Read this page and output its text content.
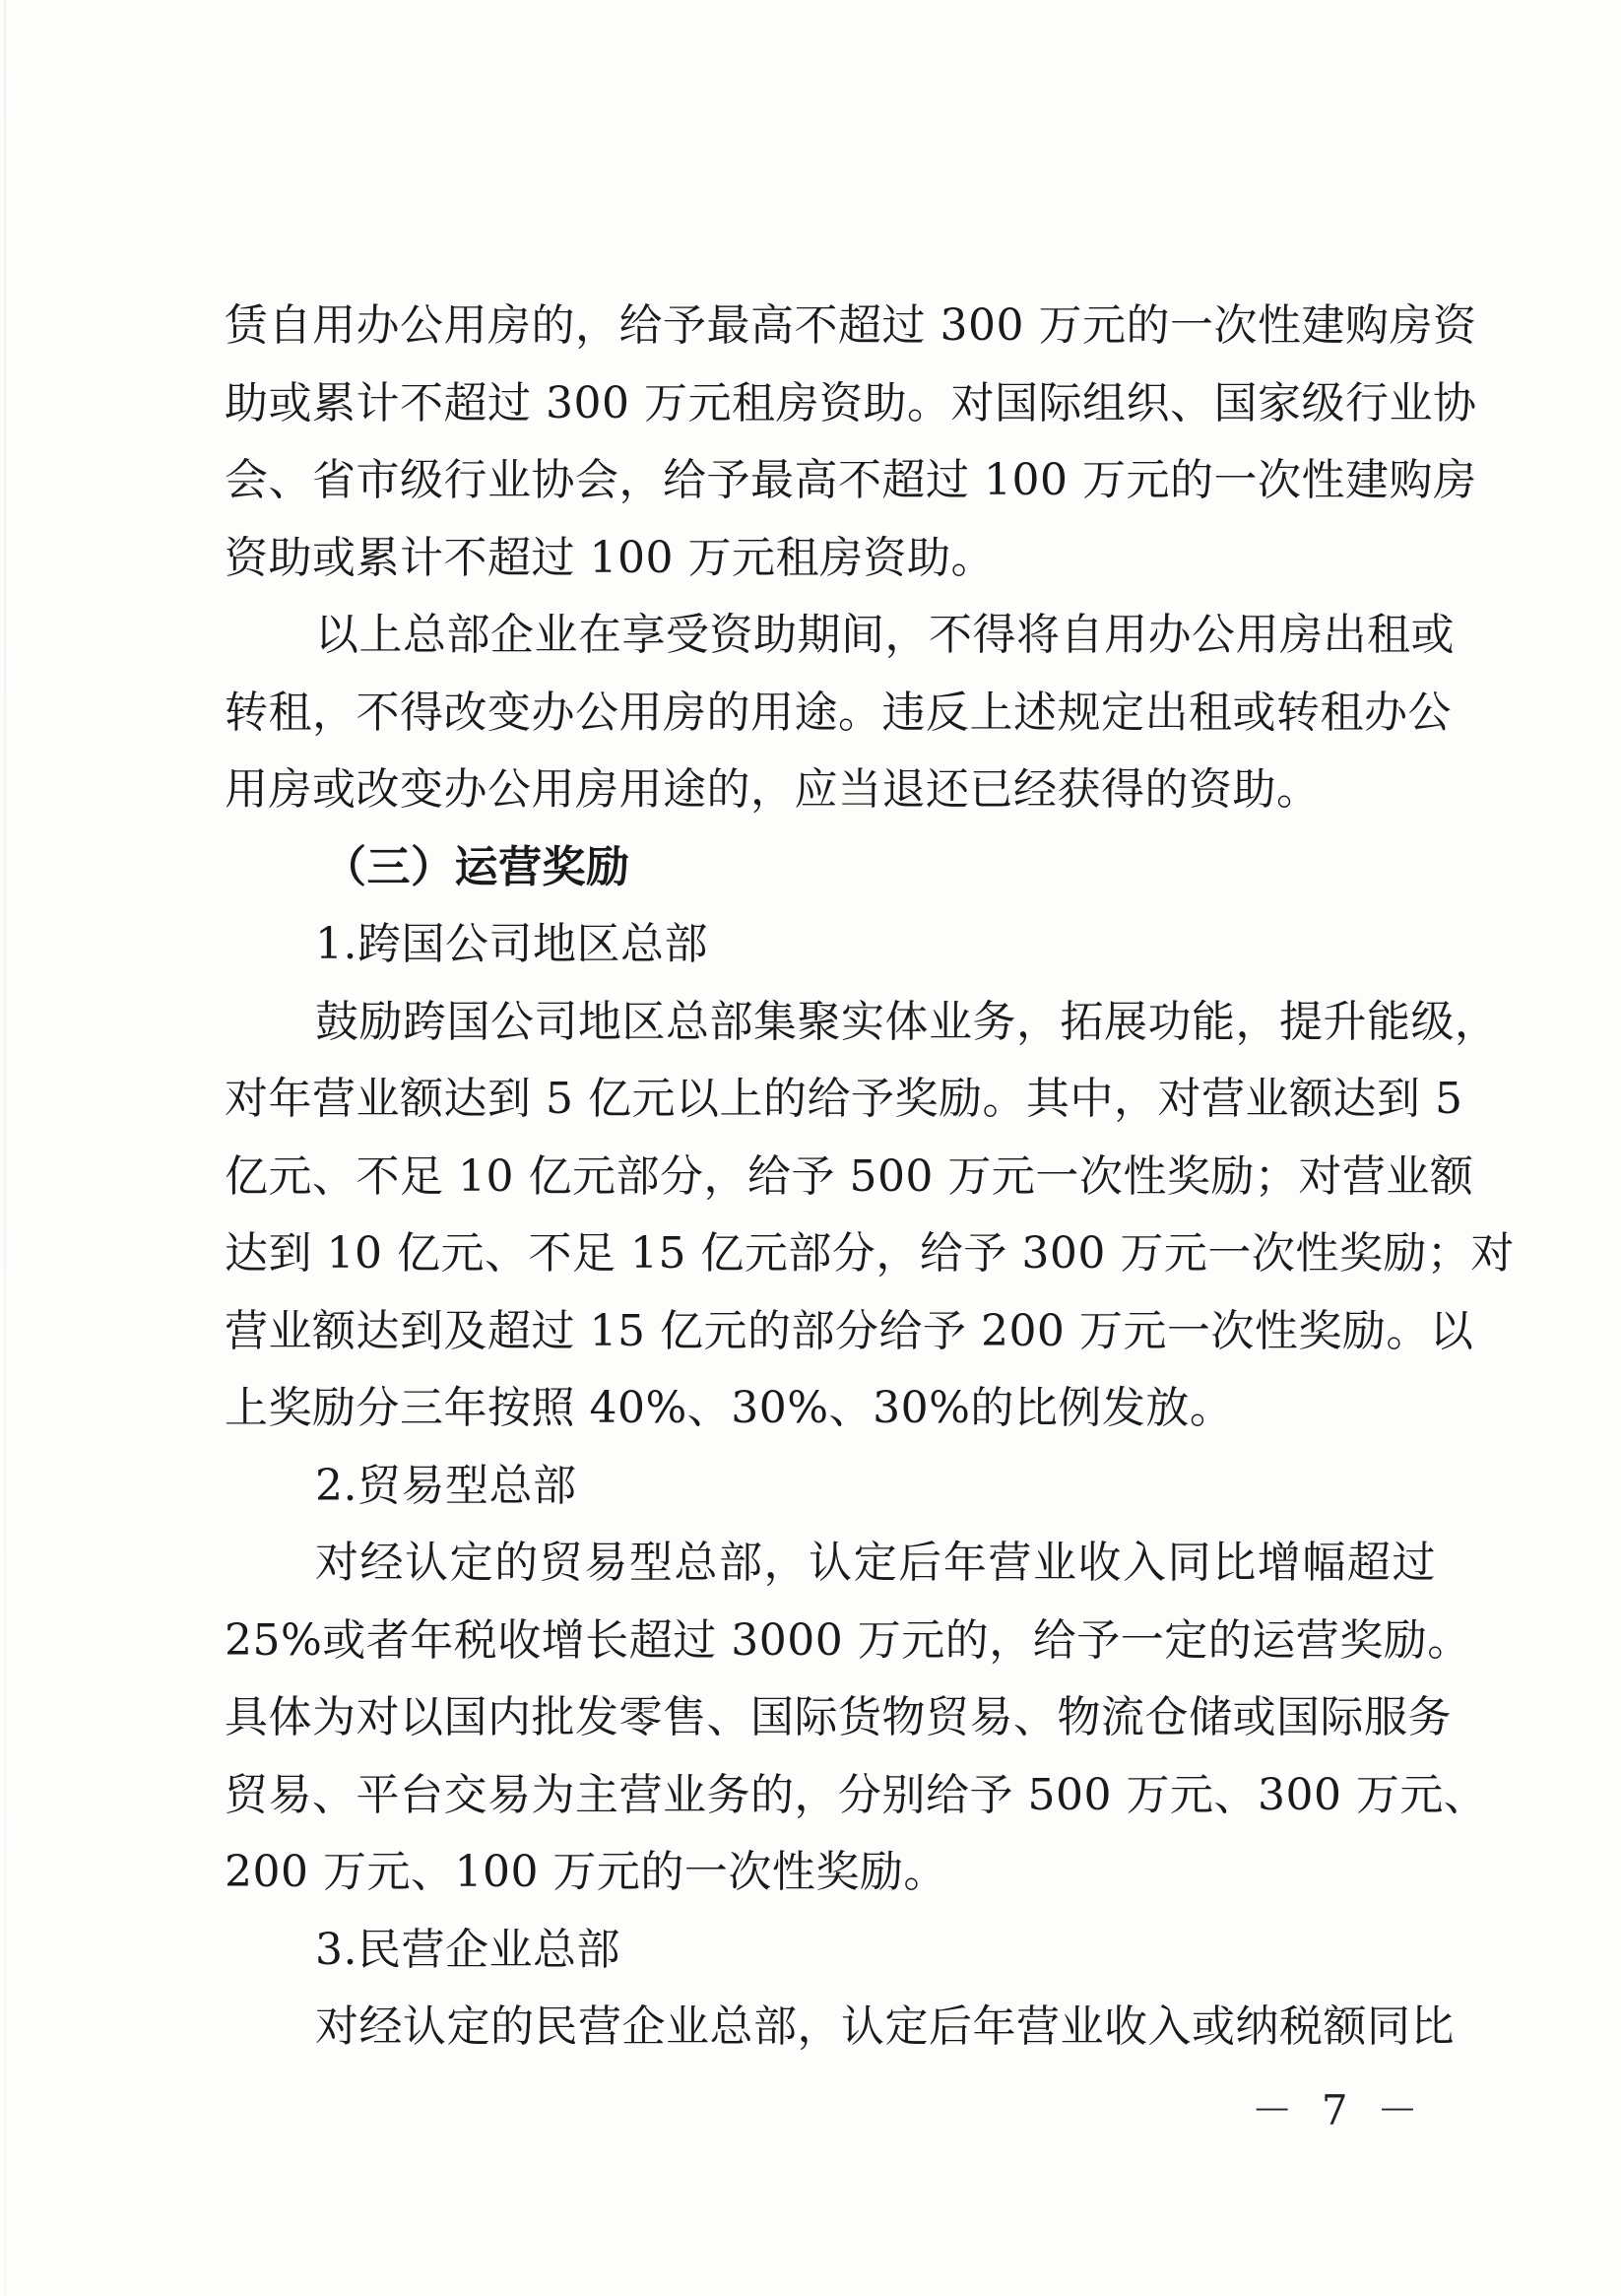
赁自用办公用房的，给予最高不超过 300 万元的一次性建购房资
助或累计不超过 300 万元租房资助。对国际组织、国家级行业协
会、省市级行业协会，给予最高不超过 100 万元的一次性建购房
资助或累计不超过 100 万元租房资助。
以上总部企业在享受资助期间，不得将自用办公用房出租或
转租，不得改变办公用房的用途。违反上述规定出租或转租办公
用房或改变办公用房用途的，应当退还已经获得的资助。
（三）运营奖励
1.跨国公司地区总部
鼓励跨国公司地区总部集聚实体业务，拓展功能，提升能级，
对年营业额达到 5 亿元以上的给予奖励。其中，对营业额达到 5
亿元、不足 10 亿元部分，给予 500 万元一次性奖励；对营业额
达到 10 亿元、不足 15 亿元部分，给予 300 万元一次性奖励；对
营业额达到及超过 15 亿元的部分给予 200 万元一次性奖励。以
上奖励分三年按照 40%、30%、30%的比例发放。
2.贸易型总部
对经认定的贸易型总部，认定后年营业收入同比增幅超过
25%或者年税收增长超过 3000 万元的，给予一定的运营奖励。
具体为对以国内批发零售、国际货物贸易、物流仓储或国际服务
贸易、平台交易为主营业务的，分别给予 500 万元、300 万元、
200 万元、100 万元的一次性奖励。
3.民营企业总部
对经认定的民营企业总部，认定后年营业收入或纳税额同比
－ 7 －
